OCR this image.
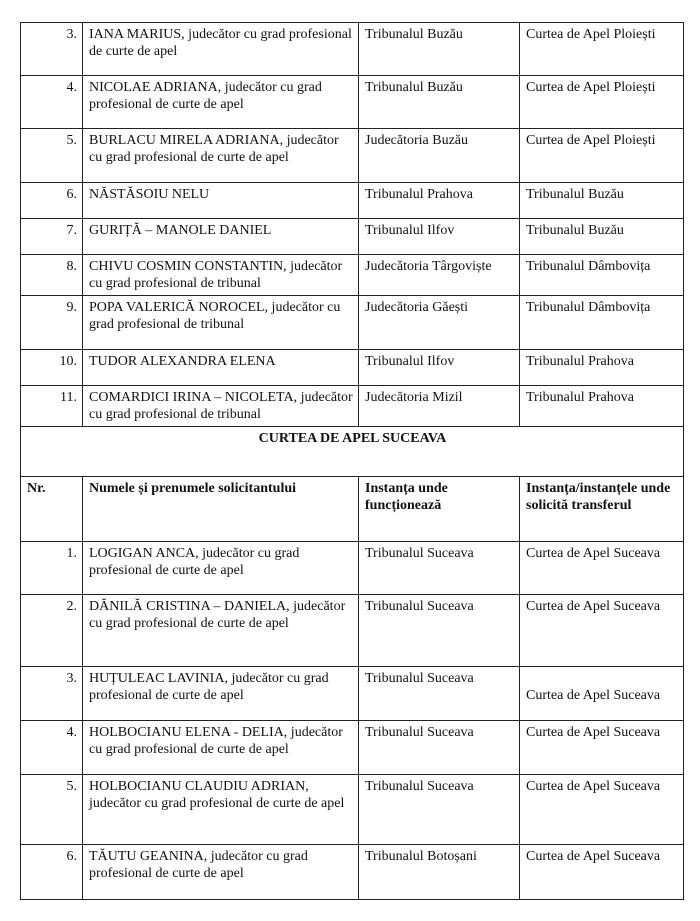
3.	IANA MARIUS, judecător cu grad profesional de curte de apel	Tribunalul Buzău	Curtea de Apel Ploiești
4.	NICOLAE ADRIANA, judecător cu grad profesional de curte de apel	Tribunalul Buzău	Curtea de Apel Ploiești
5.	BURLACU MIRELA ADRIANA, judecător cu grad profesional de curte de apel	Judecătoria Buzău	Curtea de Apel Ploiești
6.	NĂSTĂSOIU NELU	Tribunalul Prahova	Tribunalul Buzău
7.	GURIȚĂ – MANOLE DANIEL	Tribunalul Ilfov	Tribunalul Buzău
8.	CHIVU COSMIN CONSTANTIN, judecător cu grad profesional de tribunal	Judecătoria Târgoviște	Tribunalul Dâmbovița
9.	POPA VALERICĂ NOROCEL, judecător cu grad profesional de tribunal	Judecătoria Găești	Tribunalul Dâmbovița
10.	TUDOR ALEXANDRA ELENA	Tribunalul Ilfov	Tribunalul Prahova
11.	COMARDICI IRINA – NICOLETA, judecător cu grad profesional de tribunal	Judecătoria Mizil	Tribunalul Prahova
CURTEA DE APEL SUCEAVA			
Nr.	Numele și prenumele solicitantului	Instanța unde funcționează	Instanța/instanțele unde solicită transferul
1.	LOGIGAN ANCA, judecător cu grad profesional de curte de apel	Tribunalul Suceava	Curtea de Apel Suceava
2.	DĂNILĂ CRISTINA – DANIELA, judecător cu grad profesional de curte de apel	Tribunalul Suceava	Curtea de Apel Suceava
3.	HUȚULEAC LAVINIA, judecător cu grad profesional de curte de apel	Tribunalul Suceava	Curtea de Apel Suceava
4.	HOLBOCIANU ELENA - DELIA, judecător cu grad profesional de curte de apel	Tribunalul Suceava	Curtea de Apel Suceava
5.	HOLBOCIANU CLAUDIU ADRIAN, judecător cu grad profesional de curte de apel	Tribunalul Suceava	Curtea de Apel Suceava
6.	TĂUTU GEANINA, judecător cu grad profesional de curte de apel	Tribunalul Botoșani	Curtea de Apel Suceava
